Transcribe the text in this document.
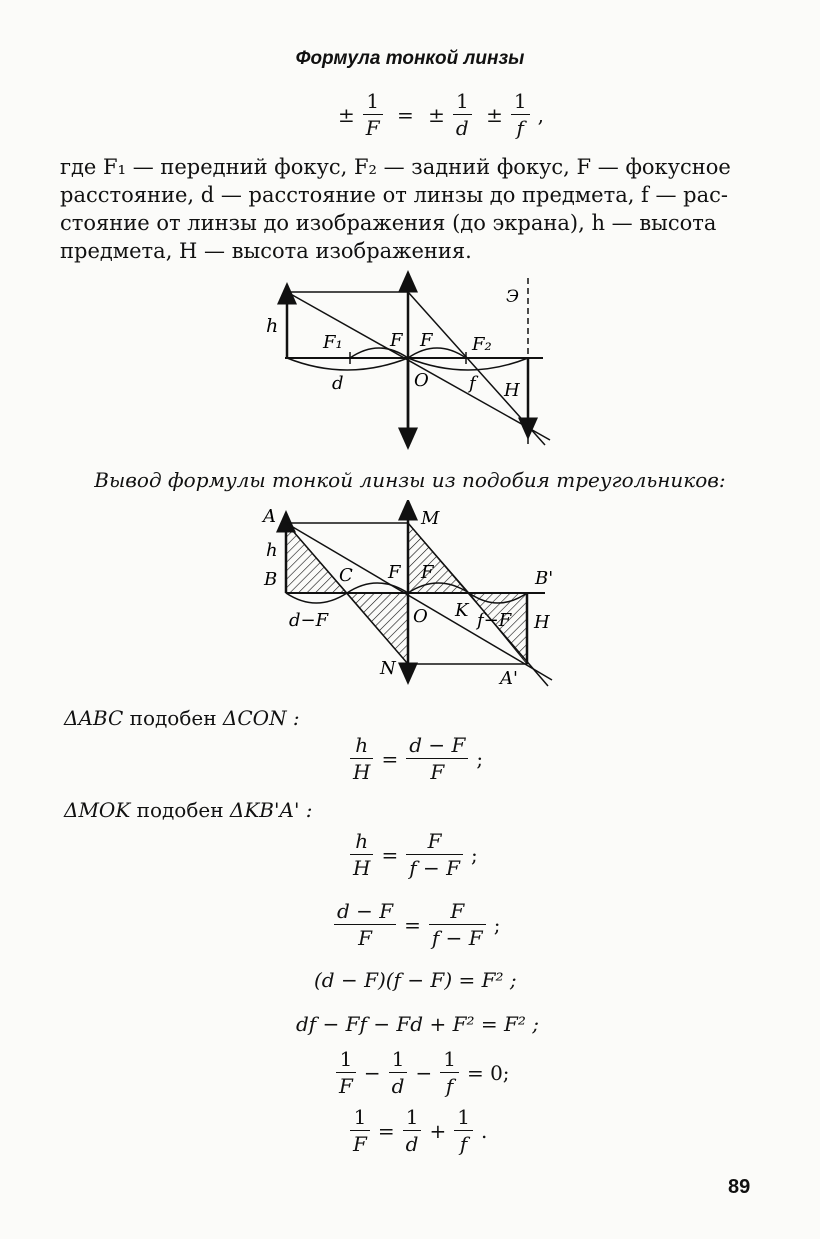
Формула тонкой линзы
± $\frac{1}{F}$ = ± $\frac{1}{d} \pm \frac{1}{f}$ ,
где F₁ — передний фокус, F₂ — задний фокус, F — фокусное
расстояние, d — расстояние от линзы до предмета, f — рас-
стояние от линзы до изображения (до экрана), h — высота
предмета, H — высота изображения.
h
F₁	F F F₂
d	O f H
Э
Вывод формулы тонкой линзы из подобия треугольников:
A	M
h
B	C F F	B'
d−F	O K f−F H
N	A'
ΔABC подобен ΔCON :
$\frac{h}{H} = \frac{d - F}{F}$ ;
ΔMOK подобен ΔKB'A' :
$\frac{h}{H} = \frac{F}{f - F}$ ;
$\frac{d - F}{F} = \frac{F}{f - F}$ ;
(d − F)(f − F) = F² ;
df − Ff − Fd + F² = F² ;
$\frac{1}{F} - \frac{1}{d} - \frac{1}{f} = 0$;
$\frac{1}{F} = \frac{1}{d} + \frac{1}{f}$ .
89
